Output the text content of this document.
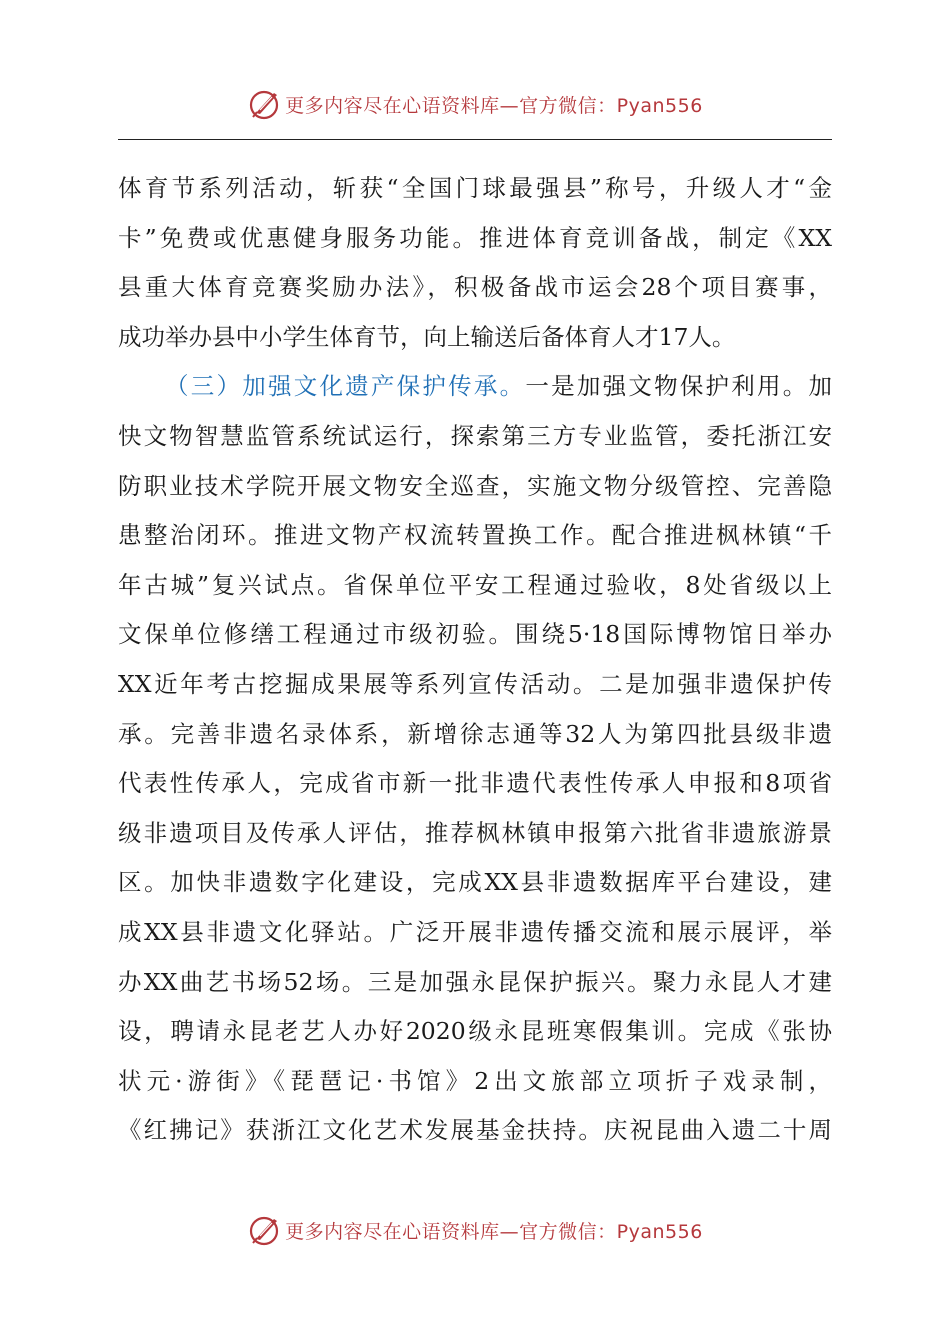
更多内容尽在心语资料库—官方微信：Pyan556
体育节系列活动，斩获“全国门球最强县”称号，升级人才“金
卡”免费或优惠健身服务功能。推进体育竞训备战，制定《XX
县重大体育竞赛奖励办法》，积极备战市运会28个项目赛事，
成功举办县中小学生体育节，向上输送后备体育人才17人。
（三）加强文化遗产保护传承。一是加强文物保护利用。加
快文物智慧监管系统试运行，探索第三方专业监管，委托浙江安
防职业技术学院开展文物安全巡查，实施文物分级管控、完善隐
患整治闭环。推进文物产权流转置换工作。配合推进枫林镇“千
年古城”复兴试点。省保单位平安工程通过验收，8处省级以上
文保单位修缮工程通过市级初验。围绕5·18国际博物馆日举办
XX近年考古挖掘成果展等系列宣传活动。二是加强非遗保护传
承。完善非遗名录体系，新增徐志通等32人为第四批县级非遗
代表性传承人，完成省市新一批非遗代表性传承人申报和8项省
级非遗项目及传承人评估，推荐枫林镇申报第六批省非遗旅游景
区。加快非遗数字化建设，完成XX县非遗数据库平台建设，建
成XX县非遗文化驿站。广泛开展非遗传播交流和展示展评，举
办XX曲艺书场52场。三是加强永昆保护振兴。聚力永昆人才建
设，聘请永昆老艺人办好2020级永昆班寒假集训。完成《张协
状元·游街》《琵琶记·书馆》2出文旅部立项折子戏录制，
《红拂记》获浙江文化艺术发展基金扶持。庆祝昆曲入遗二十周
更多内容尽在心语资料库—官方微信：Pyan556
